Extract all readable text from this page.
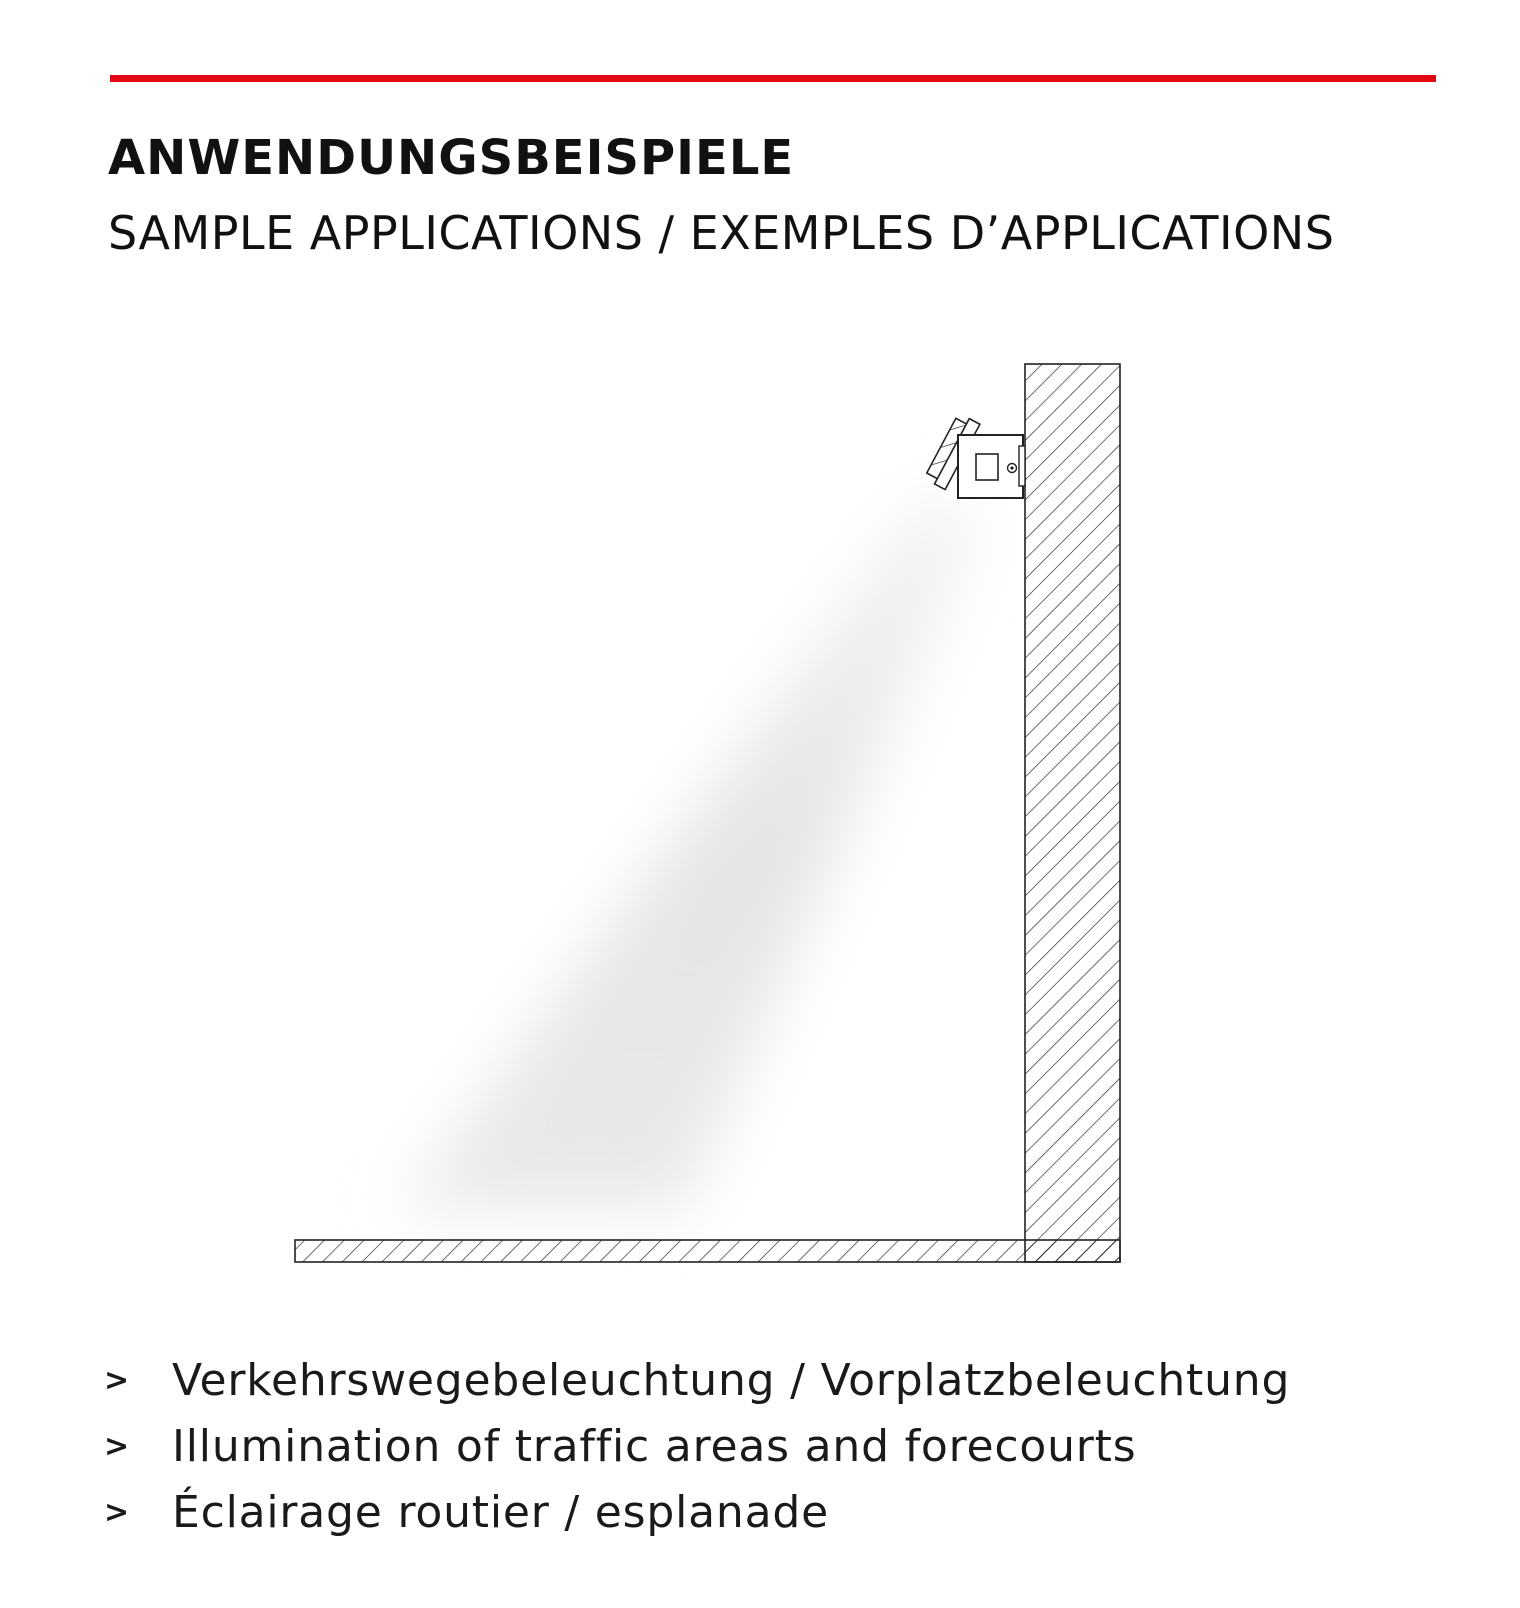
ANWENDUNGSBEISPIELE
SAMPLE APPLICATIONS / EXEMPLES D’APPLICATIONS
> Verkehrswegebeleuchtung / Vorplatzbeleuchtung
> Illumination of traffic areas and forecourts
> Éclairage routier / esplanade
